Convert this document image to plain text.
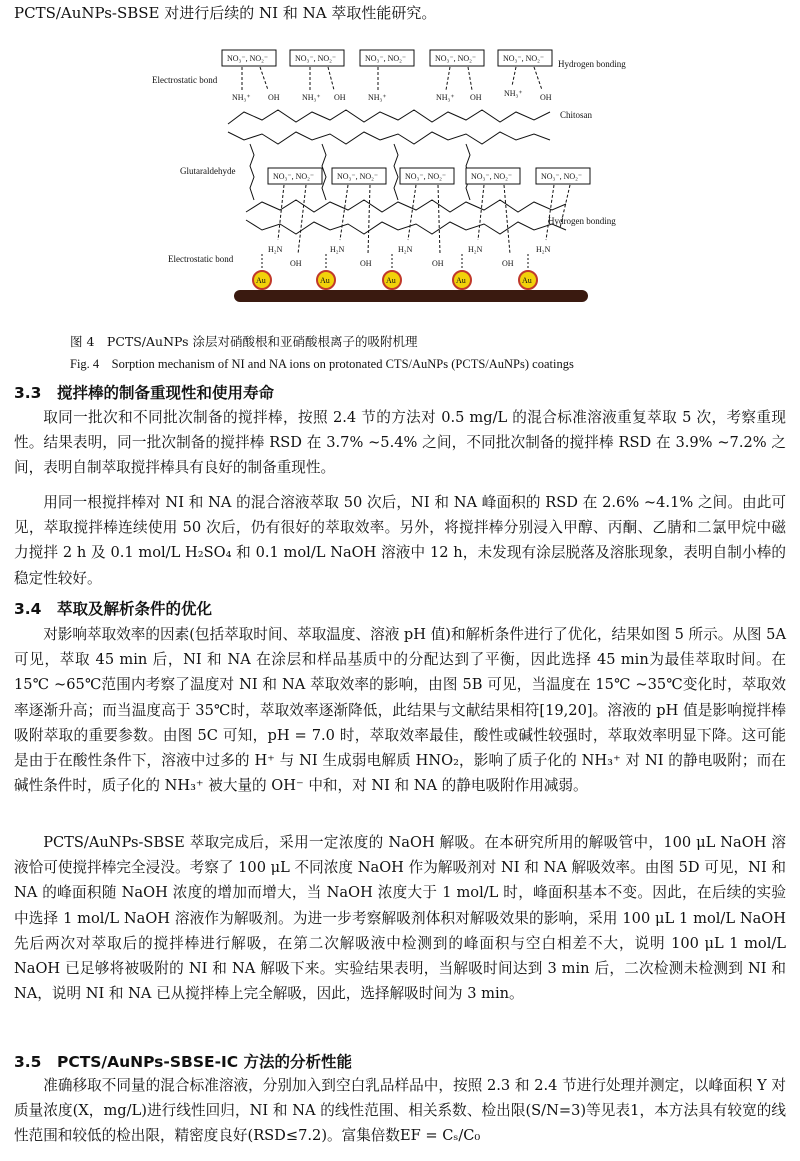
PCTS/AuNPs-SBSE 对进行后续的 NI 和 NA 萃取性能研究。
NO₃⁻, NO₂⁻	NO₃⁻, NO₂⁻	NO₃⁻, NO₂⁻	NO₃⁻, NO₂⁻	NO₃⁻, NO₂⁻
Hydrogen bonding
Electrostatic bond
NH₃⁺ OH	NH₃⁺ OH	NH₃⁺	NH₃⁺ OH	NH₃⁺ OH
Chitosan
Glutaraldehyde
NO₃⁻, NO₂⁻	NO₃⁻, NO₂⁻	NO₃⁻, NO₂⁻	NO₃⁻, NO₂⁻	NO₃⁻, NO₂⁻
Hydrogen bonding
H₂N
OH
H₂N
OH
H₂N
OH
H₂N
OH
H₂N
Electrostatic bond
Au	Au	Au	Au	Au
图 4　PCTS/AuNPs 涂层对硝酸根和亚硝酸根离子的吸附机理
Fig. 4　Sorption mechanism of NI and NA ions on protonated CTS/AuNPs (PCTS/AuNPs) coatings
3.3　搅拌棒的制备重现性和使用寿命
取同一批次和不同批次制备的搅拌棒，按照 2.4 节的方法对 0.5 mg/L 的混合标准溶液重复萃取 5 次，考察重现性。结果表明，同一批次制备的搅拌棒 RSD 在 3.7% ~5.4% 之间，不同批次制备的搅拌棒 RSD 在 3.9% ~7.2% 之间，表明自制萃取搅拌棒具有良好的制备重现性。
用同一根搅拌棒对 NI 和 NA 的混合溶液萃取 50 次后，NI 和 NA 峰面积的 RSD 在 2.6% ~4.1% 之间。由此可见，萃取搅拌棒连续使用 50 次后，仍有很好的萃取效率。另外，将搅拌棒分别浸入甲醇、丙酮、乙腈和二氯甲烷中磁力搅拌 2 h 及 0.1 mol/L H₂SO₄ 和 0.1 mol/L NaOH 溶液中 12 h，未发现有涂层脱落及溶胀现象，表明自制小棒的稳定性较好。
3.4　萃取及解析条件的优化
对影响萃取效率的因素(包括萃取时间、萃取温度、溶液 pH 值)和解析条件进行了优化，结果如图 5 所示。从图 5A 可见，萃取 45 min 后，NI 和 NA 在涂层和样品基质中的分配达到了平衡，因此选择 45 min为最佳萃取时间。在 15℃ ~65℃范围内考察了温度对 NI 和 NA 萃取效率的影响，由图 5B 可见，当温度在 15℃ ~35℃变化时，萃取效率逐渐升高；而当温度高于 35℃时，萃取效率逐渐降低，此结果与文献结果相符[19,20]。溶液的 pH 值是影响搅拌棒吸附萃取的重要参数。由图 5C 可知，pH = 7.0 时，萃取效率最佳，酸性或碱性较强时，萃取效率明显下降。这可能是由于在酸性条件下，溶液中过多的 H⁺ 与 NI 生成弱电解质 HNO₂，影响了质子化的 NH₃⁺ 对 NI 的静电吸附；而在碱性条件时，质子化的 NH₃⁺ 被大量的 OH⁻ 中和，对 NI 和 NA 的静电吸附作用减弱。
PCTS/AuNPs-SBSE 萃取完成后，采用一定浓度的 NaOH 解吸。在本研究所用的解吸管中，100 μL NaOH 溶液恰可使搅拌棒完全浸没。考察了 100 μL 不同浓度 NaOH 作为解吸剂对 NI 和 NA 解吸效率。由图 5D 可见，NI 和 NA 的峰面积随 NaOH 浓度的增加而增大，当 NaOH 浓度大于 1 mol/L 时，峰面积基本不变。因此，在后续的实验中选择 1 mol/L NaOH 溶液作为解吸剂。为进一步考察解吸剂体积对解吸效果的影响，采用 100 μL 1 mol/L NaOH 先后两次对萃取后的搅拌棒进行解吸，在第二次解吸液中检测到的峰面积与空白相差不大，说明 100 μL 1 mol/L NaOH 已足够将被吸附的 NI 和 NA 解吸下来。实验结果表明，当解吸时间达到 3 min 后，二次检测未检测到 NI 和 NA，说明 NI 和 NA 已从搅拌棒上完全解吸，因此，选择解吸时间为 3 min。
3.5　PCTS/AuNPs-SBSE-IC 方法的分析性能
准确移取不同量的混合标准溶液，分别加入到空白乳品样品中，按照 2.3 和 2.4 节进行处理并测定，以峰面积 Y 对质量浓度(X，mg/L)进行线性回归，NI 和 NA 的线性范围、相关系数、检出限(S/N=3)等见表1，本方法具有较宽的线性范围和较低的检出限，精密度良好(RSD≤7.2)。富集倍数EF = Cₛ/C₀
